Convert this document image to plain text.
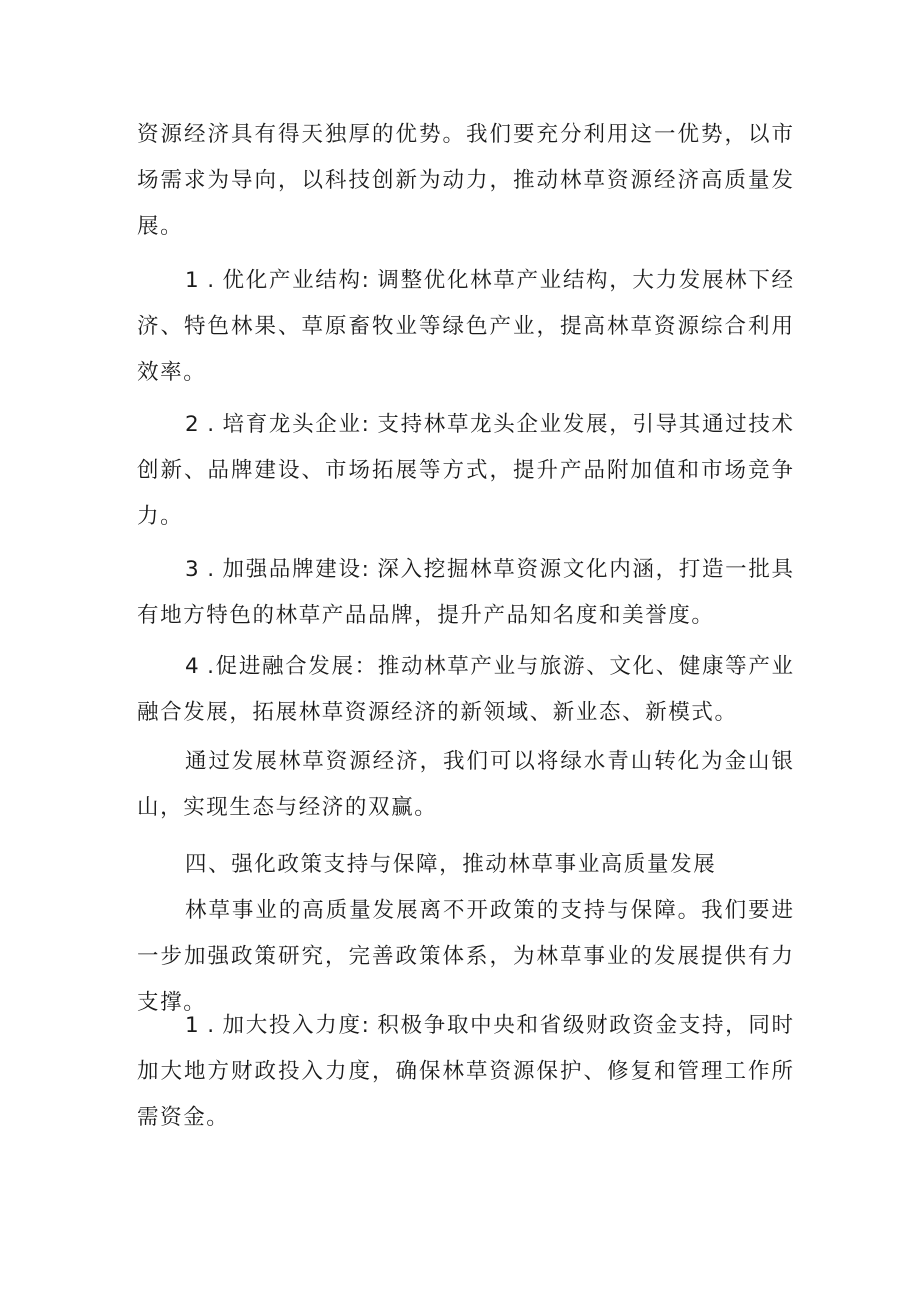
资源经济具有得天独厚的优势。我们要充分利用这一优势，以市
场需求为导向，以科技创新为动力，推动林草资源经济高质量发
展。
1 . 优化产业结构: 调整优化林草产业结构，大力发展林下经
济、特色林果、草原畜牧业等绿色产业，提高林草资源综合利用
效率。
2 . 培育龙头企业: 支持林草龙头企业发展，引导其通过技术
创新、品牌建设、市场拓展等方式，提升产品附加值和市场竞争
力。
3 . 加强品牌建设: 深入挖掘林草资源文化内涵，打造一批具
有地方特色的林草产品品牌，提升产品知名度和美誉度。
4 .促进融合发展：推动林草产业与旅游、文化、健康等产业
融合发展，拓展林草资源经济的新领域、新业态、新模式。
通过发展林草资源经济，我们可以将绿水青山转化为金山银
山，实现生态与经济的双赢。
四、强化政策支持与保障，推动林草事业高质量发展
林草事业的高质量发展离不开政策的支持与保障。我们要进
一步加强政策研究，完善政策体系，为林草事业的发展提供有力
支撑。
1 . 加大投入力度: 积极争取中央和省级财政资金支持，同时
加大地方财政投入力度，确保林草资源保护、修复和管理工作所
需资金。
